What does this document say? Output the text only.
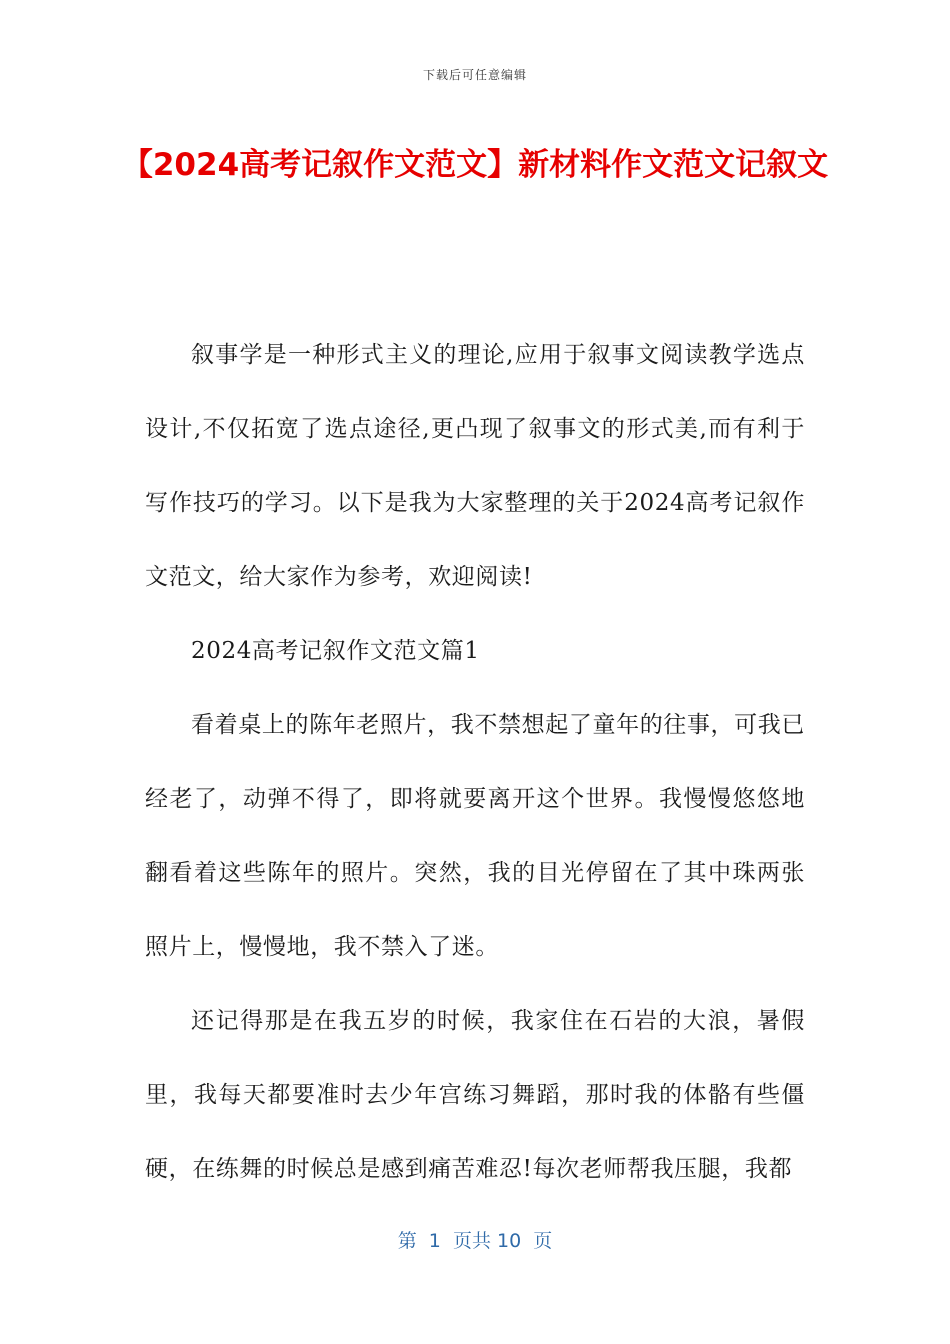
下载后可任意编辑
【2024高考记叙作文范文】新材料作文范文记叙文

叙事学是一种形式主义的理论,应用于叙事文阅读教学选点设计,不仅拓宽了选点途径,更凸现了叙事文的形式美,而有利于写作技巧的学习。以下是我为大家整理的关于2024高考记叙作文范文，给大家作为参考，欢迎阅读!

2024高考记叙作文范文篇1

看着桌上的陈年老照片，我不禁想起了童年的往事，可我已经老了，动弹不得了，即将就要离开这个世界。我慢慢悠悠地翻看着这些陈年的照片。突然，我的目光停留在了其中珠两张照片上，慢慢地，我不禁入了迷。

还记得那是在我五岁的时候，我家住在石岩的大浪，暑假里，我每天都要准时去少年宫练习舞蹈，那时我的体骼有些僵硬，在练舞的时候总是感到痛苦难忍!每次老师帮我压腿，我都

第  1  页共 10  页
